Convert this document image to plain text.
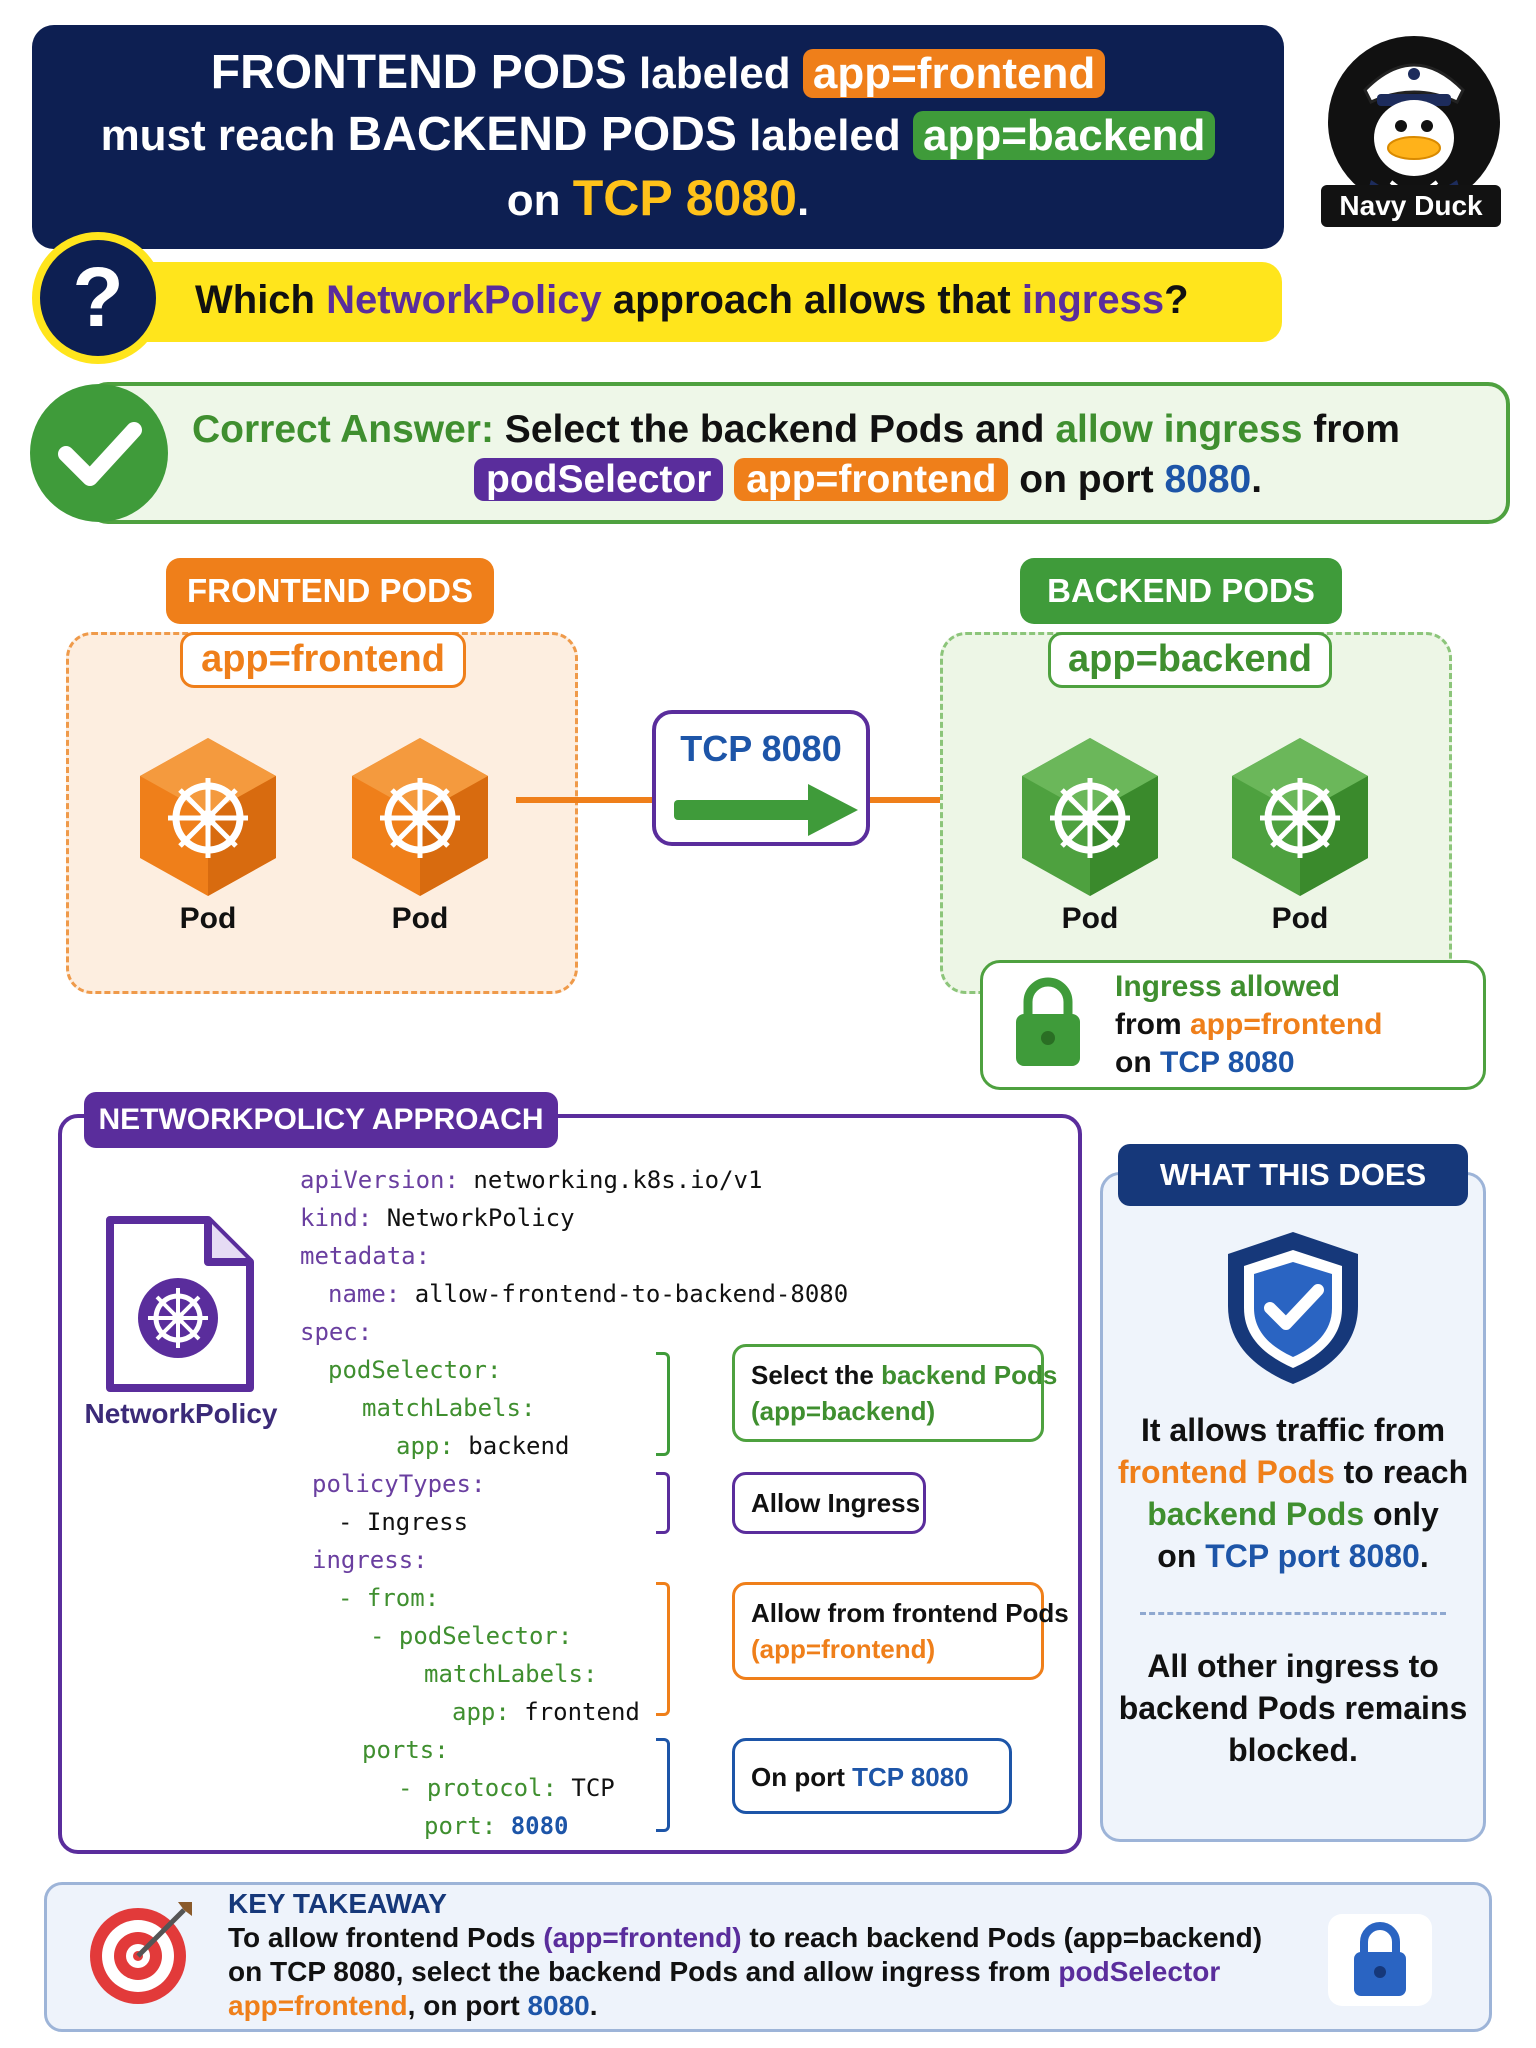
FRONTEND PODS labeled app=frontend
must reach BACKEND PODS labeled app=backend
on TCP 8080.	Navy Duck
Which NetworkPolicy approach allows that ingress?
?
Correct Answer: Select the backend Pods and allow ingress from
podSelector app=frontend on port 8080.
FRONTEND PODS
app=frontend
Pod	Pod
TCP 8080
BACKEND PODS
app=backend
Pod	Pod
Ingress allowed
from app=frontend
on TCP 8080
NETWORKPOLICY APPROACH
NetworkPolicy
apiVersion: networking.k8s.io/v1
kind: NetworkPolicy
metadata:
name: allow-frontend-to-backend-8080
spec:
podSelector:
matchLabels:
app: backend
policyTypes:
- Ingress
ingress:
- from:
- podSelector:
matchLabels:
app: frontend
ports:
- protocol: TCP
port: 8080
Select the backend Pods
(app=backend)
Allow Ingress
Allow from frontend Pods
(app=frontend)
On port TCP 8080
WHAT THIS DOES
It allows traffic from
frontend Pods to reach
backend Pods only
on TCP port 8080.
All other ingress to
backend Pods remains
blocked.
KEY TAKEAWAY
To allow frontend Pods (app=frontend) to reach backend Pods (app=backend)
on TCP 8080, select the backend Pods and allow ingress from podSelector
app=frontend, on port 8080.
